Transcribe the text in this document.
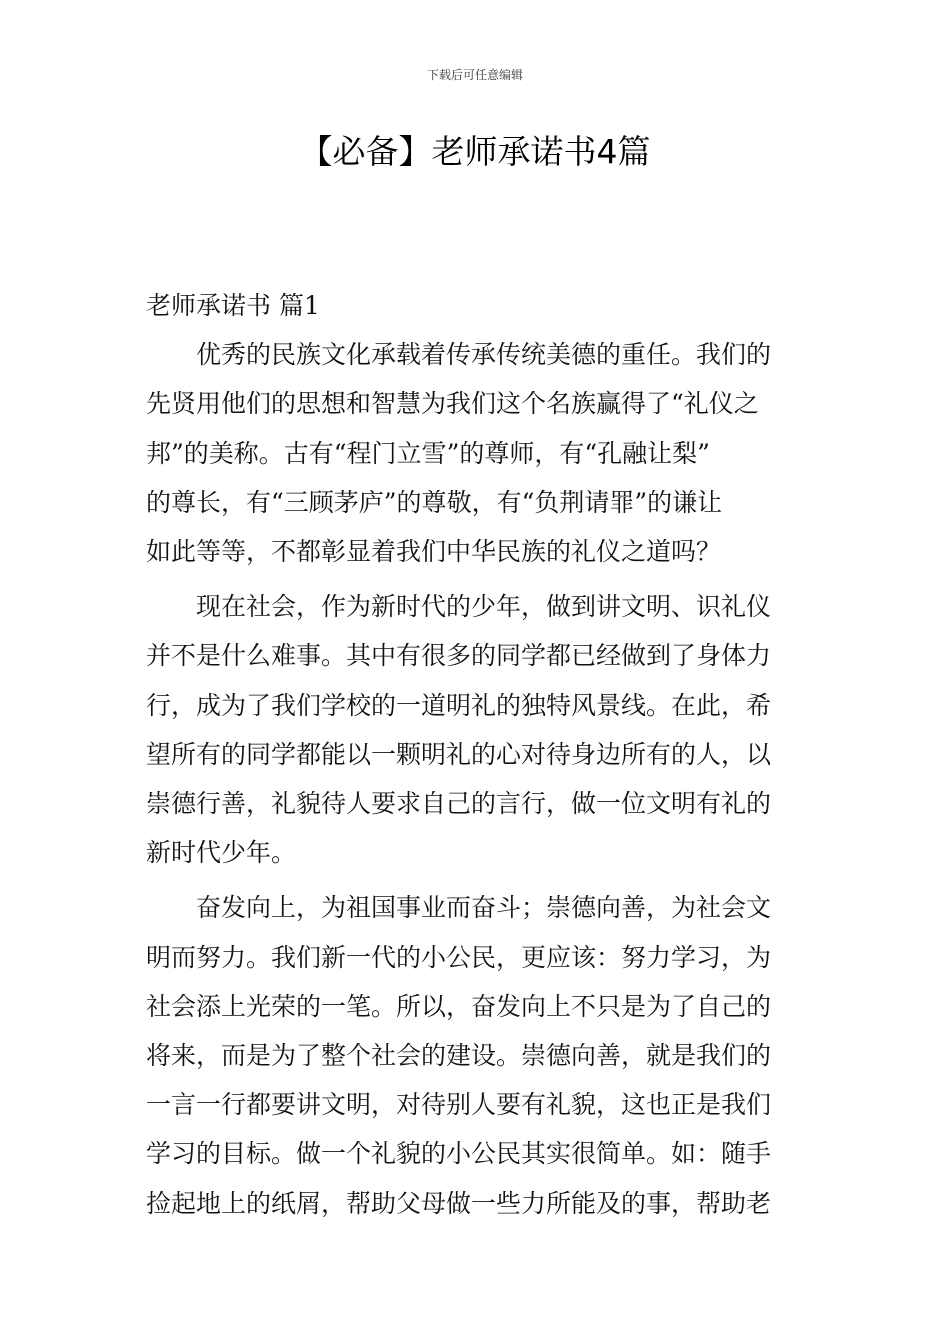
下载后可任意编辑
【必备】老师承诺书4篇
老师承诺书 篇1
优秀的民族文化承载着传承传统美德的重任。我们的
先贤用他们的思想和智慧为我们这个名族赢得了“礼仪之
邦”的美称。古有“程门立雪”的尊师，有“孔融让梨”
的尊长，有“三顾茅庐”的尊敬，有“负荆请罪”的谦让
如此等等，不都彰显着我们中华民族的礼仪之道吗？
现在社会，作为新时代的少年，做到讲文明、识礼仪
并不是什么难事。其中有很多的同学都已经做到了身体力
行，成为了我们学校的一道明礼的独特风景线。在此，希
望所有的同学都能以一颗明礼的心对待身边所有的人，以
崇德行善，礼貌待人要求自己的言行，做一位文明有礼的
新时代少年。
奋发向上，为祖国事业而奋斗；崇德向善，为社会文
明而努力。我们新一代的小公民，更应该：努力学习，为
社会添上光荣的一笔。所以，奋发向上不只是为了自己的
将来，而是为了整个社会的建设。崇德向善，就是我们的
一言一行都要讲文明，对待别人要有礼貌，这也正是我们
学习的目标。做一个礼貌的小公民其实很简单。如：随手
捡起地上的纸屑，帮助父母做一些力所能及的事，帮助老
